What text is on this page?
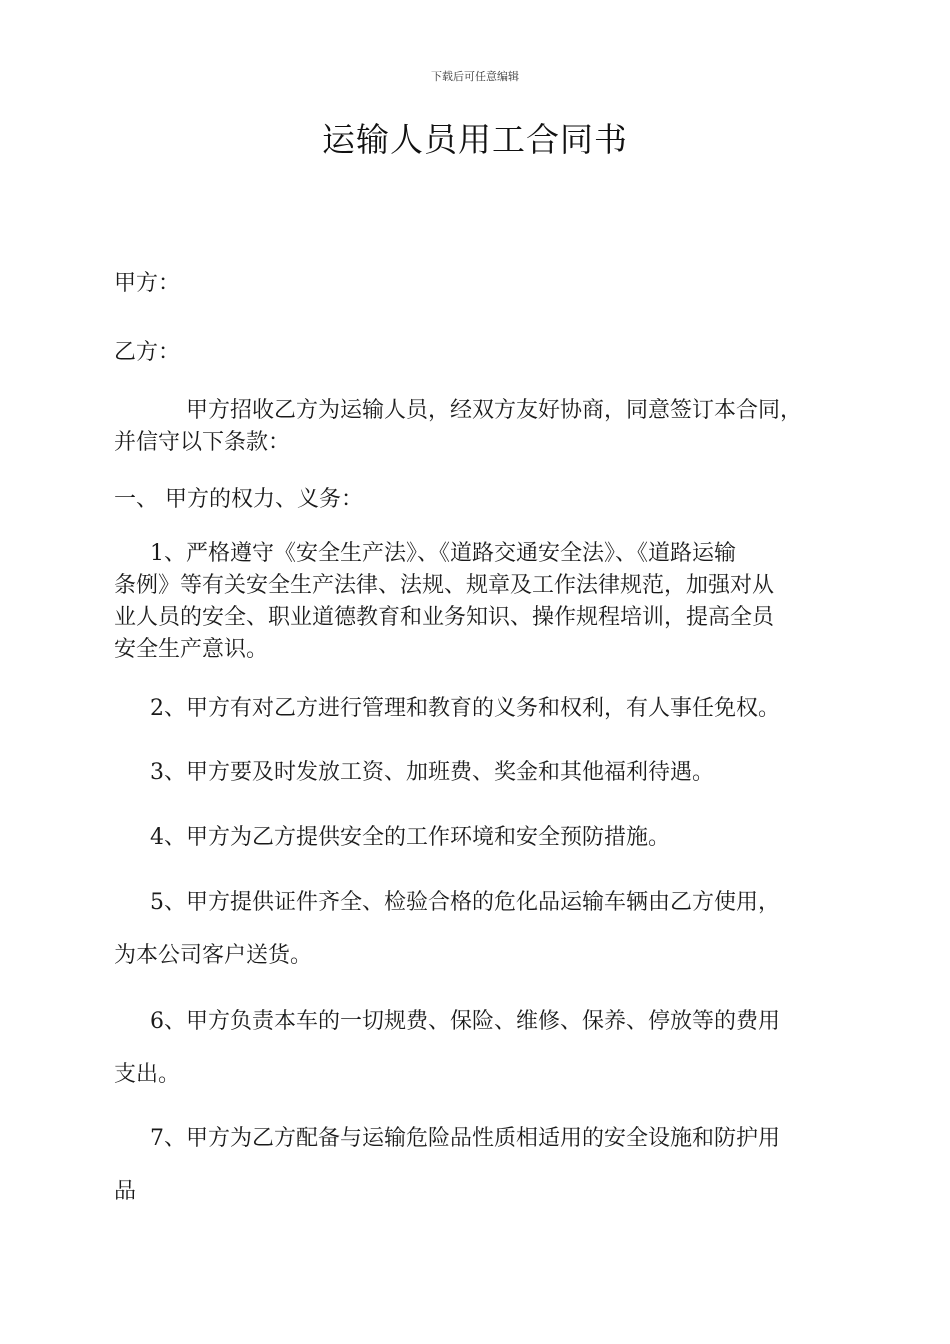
下载后可任意编辑
运输人员用工合同书
甲方：
乙方：
甲方招收乙方为运输人员，经双方友好协商，同意签订本合同，
并信守以下条款：
一、 甲方的权力、义务：
1、严格遵守《安全生产法》、《道路交通安全法》、《道路运输
条例》等有关安全生产法律、法规、规章及工作法律规范，加强对从
业人员的安全、职业道德教育和业务知识、操作规程培训，提高全员
安全生产意识。
2、甲方有对乙方进行管理和教育的义务和权利，有人事任免权。
3、甲方要及时发放工资、加班费、奖金和其他福利待遇。
4、甲方为乙方提供安全的工作环境和安全预防措施。
5、甲方提供证件齐全、检验合格的危化品运输车辆由乙方使用，
为本公司客户送货。
6、甲方负责本车的一切规费、保险、维修、保养、停放等的费用
支出。
7、甲方为乙方配备与运输危险品性质相适用的安全设施和防护用
品
